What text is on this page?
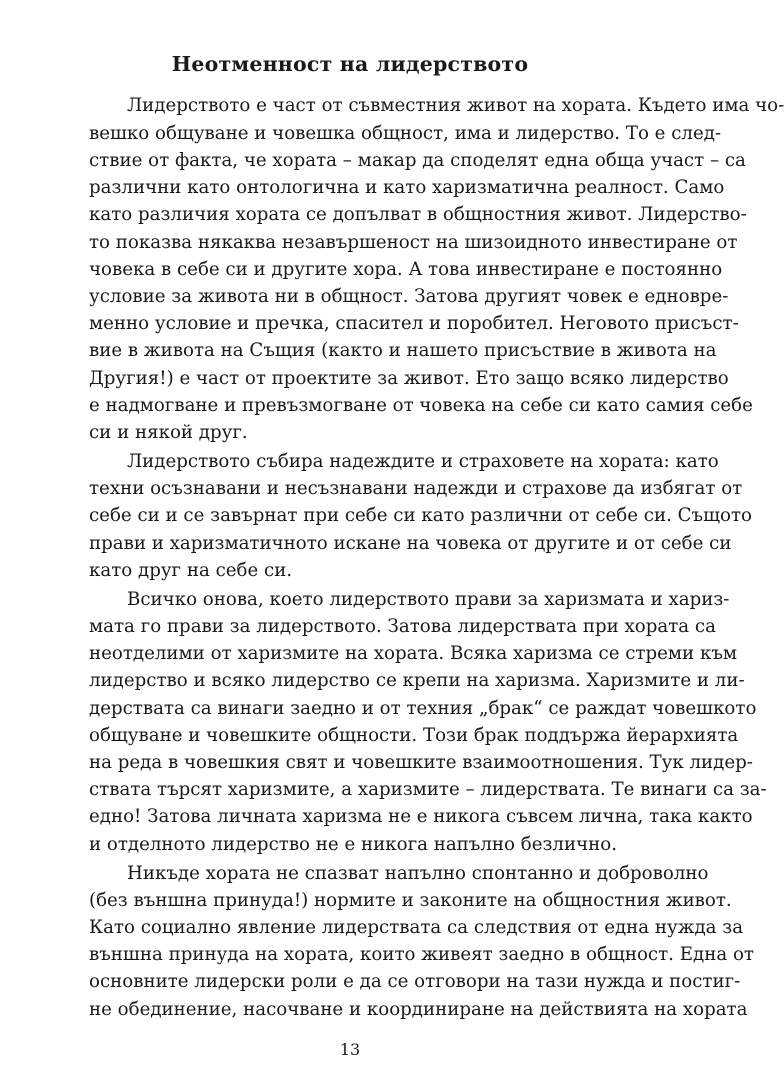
Неотменност на лидерството
Лидерството е част от съвместния живот на хората. Където има чо-
вешко общуване и човешка общност, има и лидерство. То е след-
ствие от факта, че хората – макар да споделят една обща участ – са
различни като онтологична и като харизматична реалност. Само
като различия хората се допълват в общностния живот. Лидерство-
то показва някаква незавършеност на шизоидното инвестиране от
човека в себе си и другите хора. А това инвестиране е постоянно
условие за живота ни в общност. Затова другият човек е едновре-
менно условие и пречка, спасител и поробител. Неговото присъст-
вие в живота на Същия (както и нашето присъствие в живота на
Другия!) е част от проектите за живот. Ето защо всяко лидерство
е надмогване и превъзмогване от човека на себе си като самия себе
си и някой друг.
Лидерството събира надеждите и страховете на хората: като
техни осъзнавани и несъзнавани надежди и страхове да избягат от
себе си и се завърнат при себе си като различни от себе си. Същото
прави и харизматичното искане на човека от другите и от себе си
като друг на себе си.
Всичко онова, което лидерството прави за харизмата и хариз-
мата го прави за лидерството. Затова лидерствата при хората са
неотделими от харизмите на хората. Всяка харизма се стреми към
лидерство и всяко лидерство се крепи на харизма. Харизмите и ли-
дерствата са винаги заедно и от техния „брак“ се раждат човешкото
общуване и човешките общности. Този брак поддържа йерархията
на реда в човешкия свят и човешките взаимоотношения. Тук лидер-
ствата търсят харизмите, а харизмите – лидерствата. Те винаги са за-
едно! Затова личната харизма не е никога съвсем лична, така както
и отделното лидерство не е никога напълно безлично.
Никъде хората не спазват напълно спонтанно и доброволно
(без външна принуда!) нормите и законите на общностния живот.
Като социално явление лидерствата са следствия от една нужда за
външна принуда на хората, които живеят заедно в общност. Една от
основните лидерски роли е да се отговори на тази нужда и постиг-
не обединение, насочване и координиране на действията на хората
13
